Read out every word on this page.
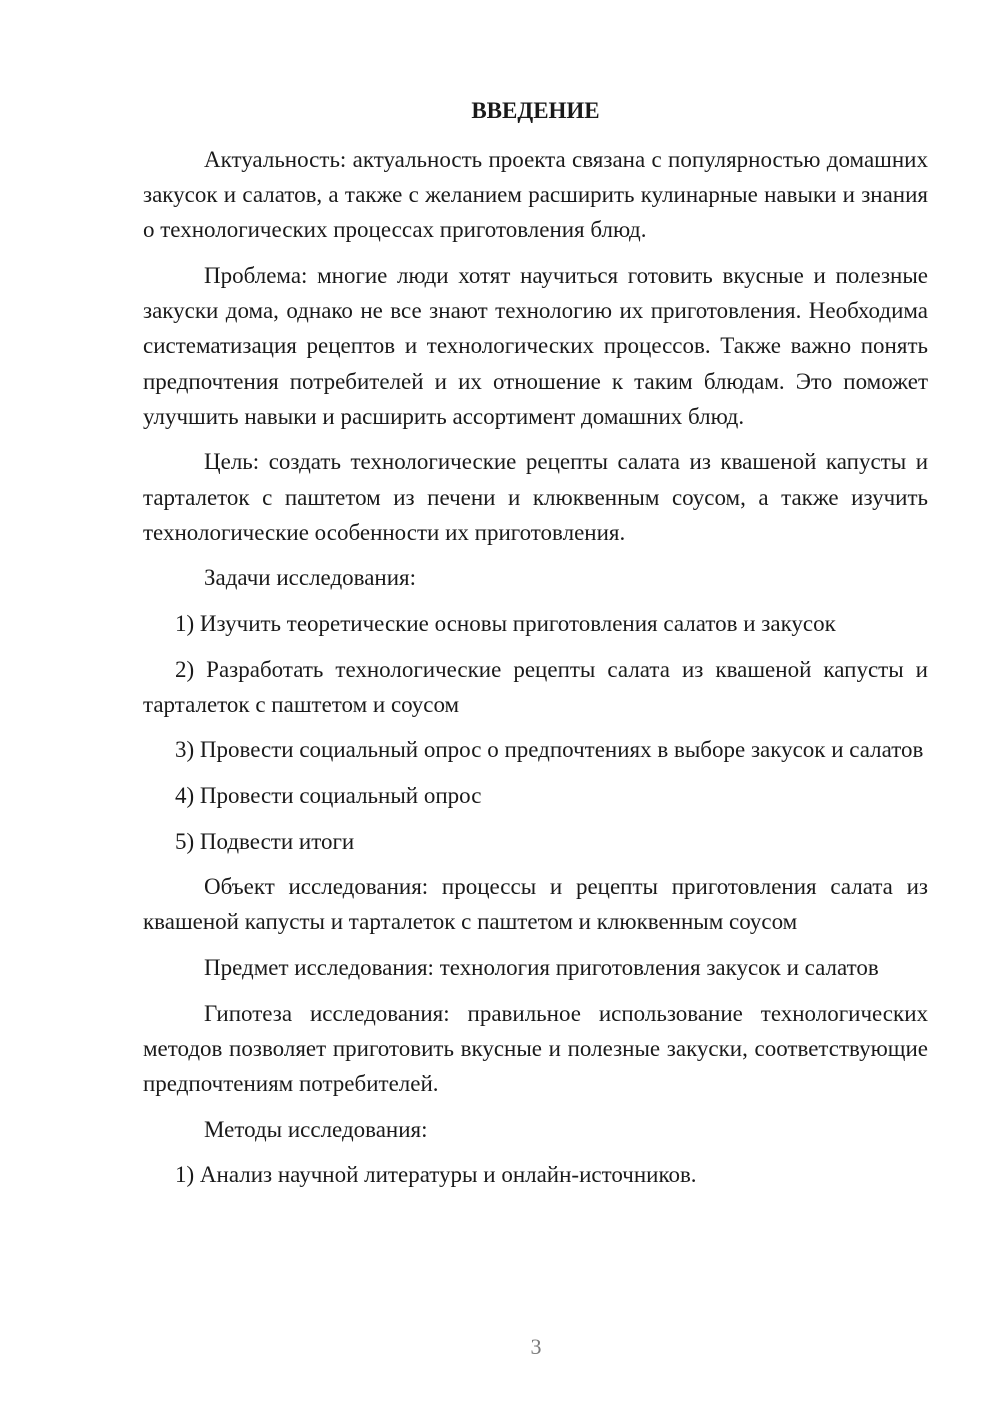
ВВЕДЕНИЕ

Актуальность: актуальность проекта связана с популярностью домашних закусок и салатов, а также с желанием расширить кулинарные навыки и знания о технологических процессах приготовления блюд.

Проблема: многие люди хотят научиться готовить вкусные и полезные закуски дома, однако не все знают технологию их приготовления. Необходима систематизация рецептов и технологических процессов. Также важно понять предпочтения потребителей и их отношение к таким блюдам. Это поможет улучшить навыки и расширить ассортимент домашних блюд.

Цель: создать технологические рецепты салата из квашеной капусты и тарталеток с паштетом из печени и клюквенным соусом, а также изучить технологические особенности их приготовления.

Задачи исследования:

1) Изучить теоретические основы приготовления салатов и закусок

2) Разработать технологические рецепты салата из квашеной капусты и тарталеток с паштетом и соусом

3) Провести социальный опрос о предпочтениях в выборе закусок и салатов

4) Провести социальный опрос

5) Подвести итоги

Объект исследования: процессы и рецепты приготовления салата из квашеной капусты и тарталеток с паштетом и клюквенным соусом

Предмет исследования: технология приготовления закусок и салатов

Гипотеза исследования: правильное использование технологических методов позволяет приготовить вкусные и полезные закуски, соответствующие предпочтениям потребителей.

Методы исследования:

1) Анализ научной литературы и онлайн-источников.

3
